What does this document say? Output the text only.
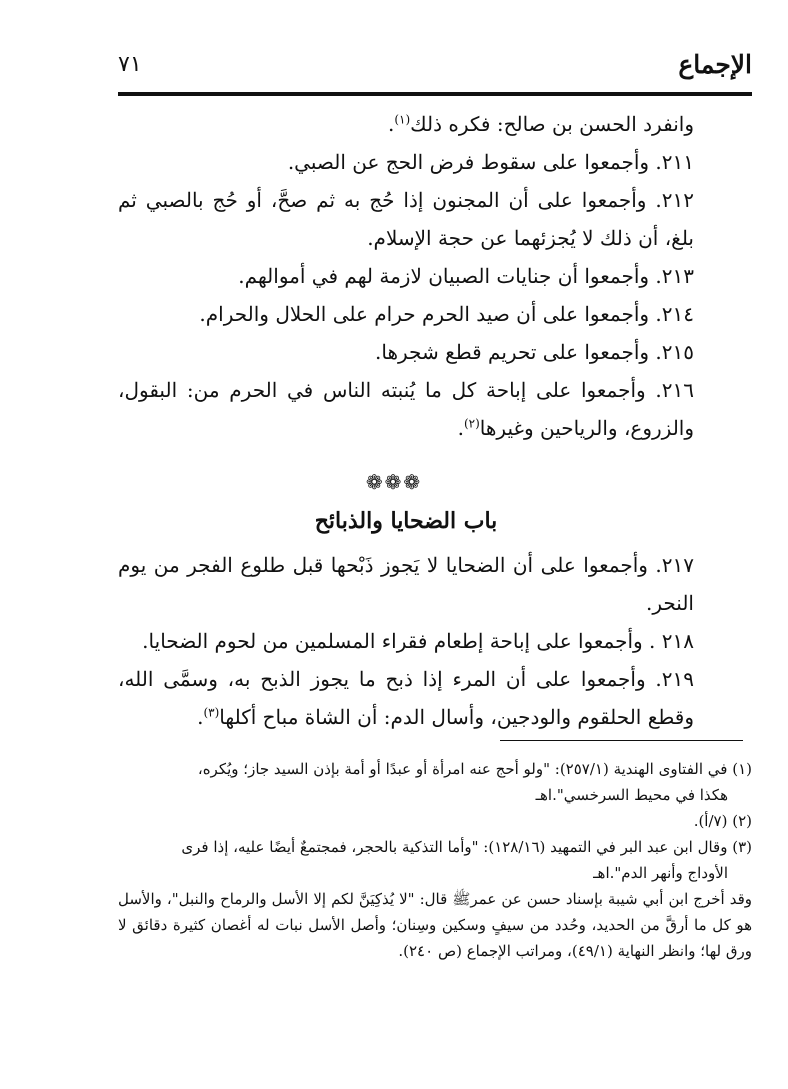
الإجماع
٧١

وانفرد الحسن بن صالح: فكره ذلك$^{(١)}$.

٢١١. وأجمعوا على سقوط فرض الحج عن الصبي.

٢١٢. وأجمعوا على أن المجنون إذا حُج به ثم صحَّ، أو حُج بالصبي ثم بلغ، أن ذلك لا يُجزئهما عن حجة الإسلام.

٢١٣. وأجمعوا أن جنايات الصبيان لازمة لهم في أموالهم.

٢١٤. وأجمعوا على أن صيد الحرم حرام على الحلال والحرام.

٢١٥. وأجمعوا على تحريم قطع شجرها.

٢١٦. وأجمعوا على إباحة كل ما يُنبته الناس في الحرم من: البقول، والزروع، والرياحين وغيرها$^{(٢)}$.

❁❁❁
باب الضحايا والذبائح

٢١٧. وأجمعوا على أن الضحايا لا يَجوز ذَبْحها قبل طلوع الفجر من يوم النحر.

٢١٨ . وأجمعوا على إباحة إطعام فقراء المسلمين من لحوم الضحايا.

٢١٩. وأجمعوا على أن المرء إذا ذبح ما يجوز الذبح به، وسمَّى الله، وقطع الحلقوم والودجين، وأسال الدم: أن الشاة مباح أكلها$^{(٣)}$.

(١) في الفتاوى الهندية (٢٥٧/١): "ولو أحج عنه امرأة أو عبدًا أو أمة بإذن السيد جاز؛ ويُكره،

هكذا في محيط السرخسي".اهـ

(٢) (٧/أ).

(٣) وقال ابن عبد البر في التمهيد (١٢٨/١٦): "وأما التذكية بالحجر، فمجتمعٌ أيضًا عليه، إذا فرى

الأوداج وأنهر الدم".اهـ

وقد أخرج ابن أبي شيبة بإسناد حسن عن عمرﷺ قال: "لا يُذكِيَنَّ لكم إلا الأسل والرماح والنبل"، والأسل هو كل ما أرقَّ من الحديد، وحُدد من سيفٍ وسكين وسِنان؛ وأصل الأسل نبات له أغصان كثيرة دقائق لا ورق لها؛ وانظر النهاية (٤٩/١)، ومراتب الإجماع (ص ٢٤٠).
